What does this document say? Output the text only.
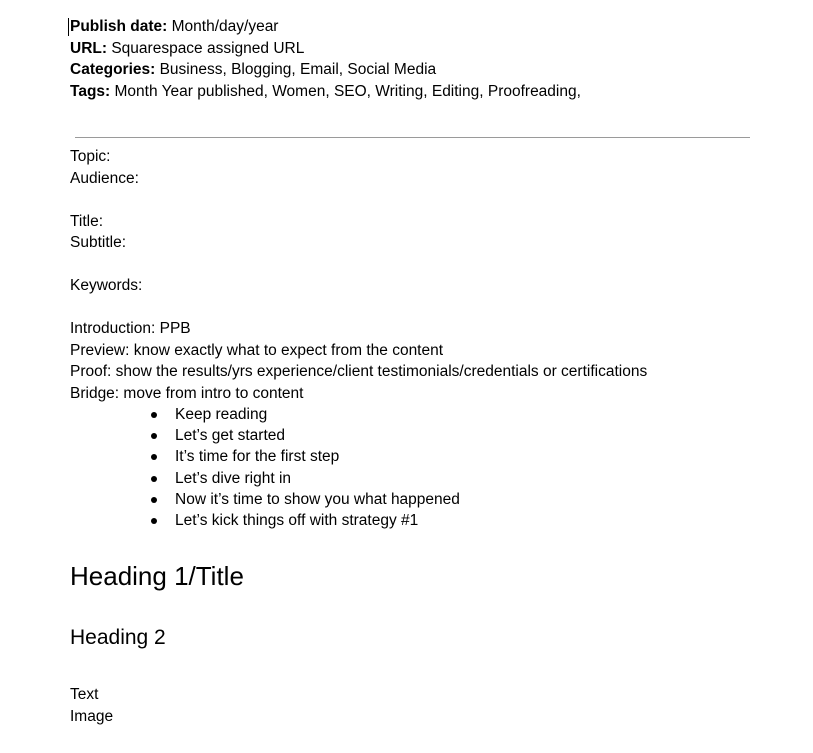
Publish date: Month/day/year
URL: Squarespace assigned URL
Categories: Business, Blogging, Email, Social Media
Tags: Month Year published, Women, SEO, Writing, Editing, Proofreading,
Topic:
Audience:
Title:
Subtitle:
Keywords:
Introduction: PPB
Preview: know exactly what to expect from the content
Proof: show the results/yrs experience/client testimonials/credentials or certifications
Bridge: move from intro to content
Keep reading
Let’s get started
It’s time for the first step
Let’s dive right in
Now it’s time to show you what happened
Let’s kick things off with strategy #1
Heading 1/Title
Heading 2
Text
Image
